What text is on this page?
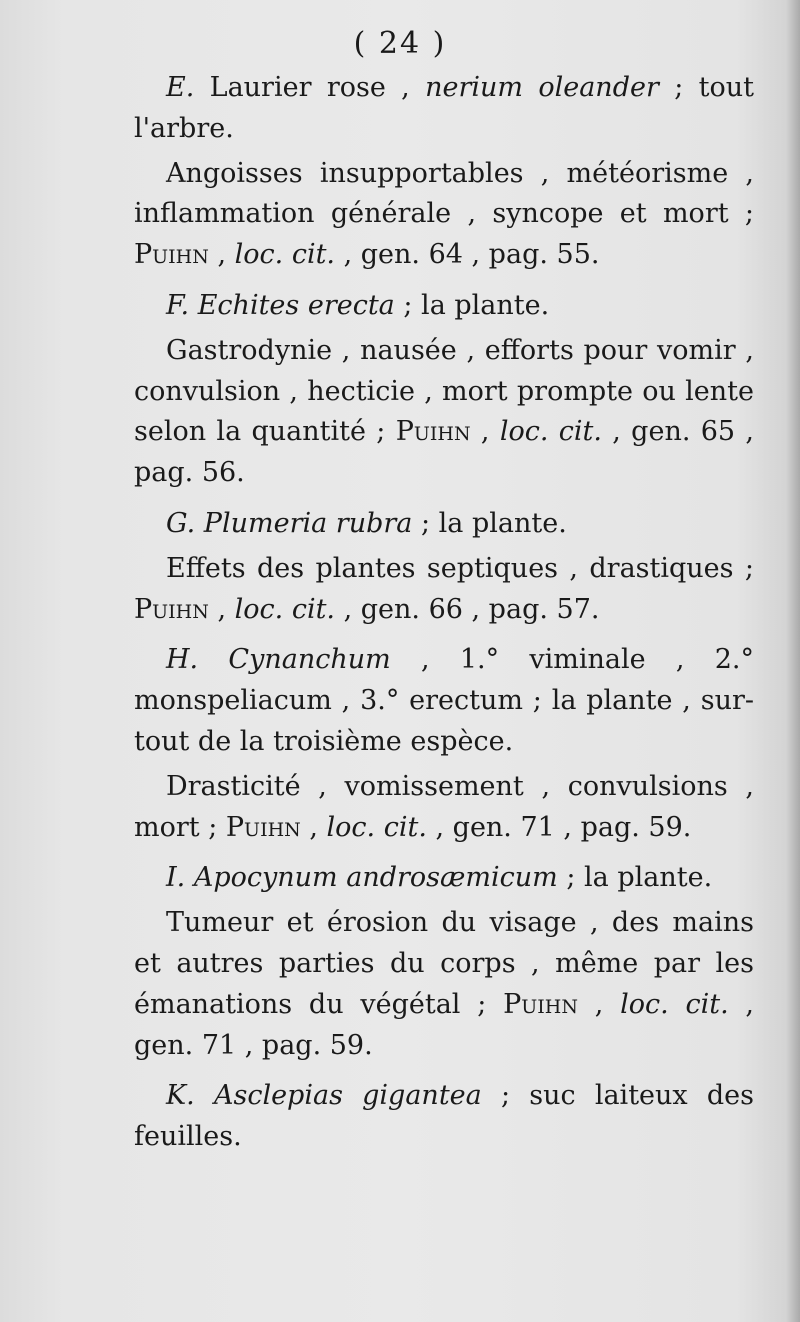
( 24 )

E. Laurier rose , nerium oleander ; tout l'arbre.

Angoisses insupportables , météorisme , inflammation générale , syncope et mort ; Puihn , loc. cit. , gen. 64 , pag. 55.

F. Echites erecta ; la plante.

Gastrodynie , nausée , efforts pour vomir , convulsion , hecticie , mort prompte ou lente selon la quantité ; Puihn , loc. cit. , gen. 65 , pag. 56.

G. Plumeria rubra ; la plante.

Effets des plantes septiques , drastiques ; Puihn , loc. cit. , gen. 66 , pag. 57.

H. Cynanchum , 1.° viminale , 2.° monspeliacum , 3.° erectum ; la plante , sur-tout de la troisième espèce.

Drasticité , vomissement , convulsions , mort ; Puihn , loc. cit. , gen. 71 , pag. 59.

I. Apocynum androsæmicum ; la plante.

Tumeur et érosion du visage , des mains et autres parties du corps , même par les émanations du végétal ; Puihn , loc. cit. , gen. 71 , pag. 59.

K. Asclepias gigantea ; suc laiteux des feuilles.
